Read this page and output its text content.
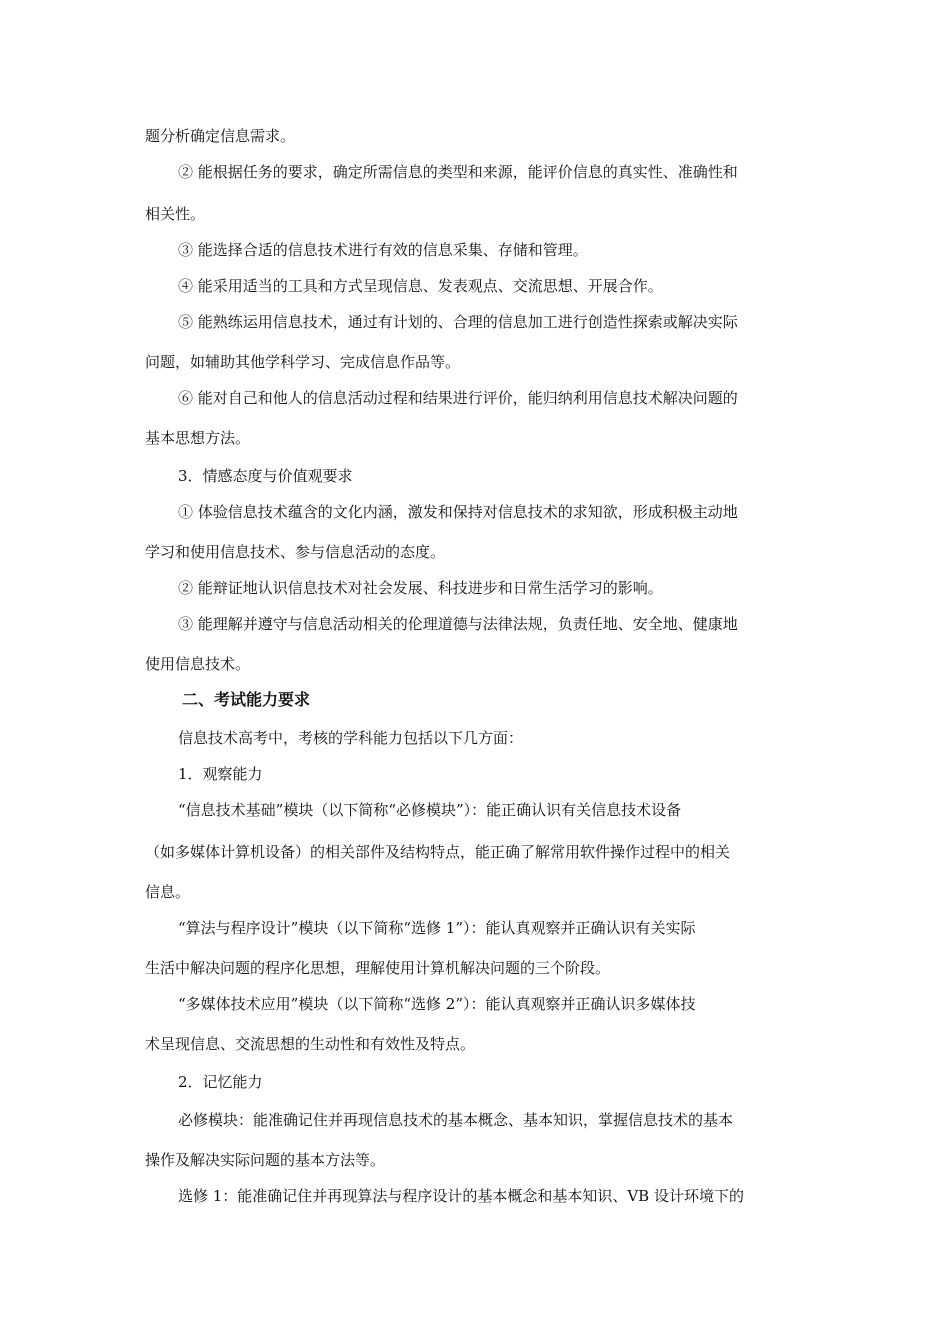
题分析确定信息需求。
② 能根据任务的要求，确定所需信息的类型和来源，能评价信息的真实性、准确性和
相关性。
③ 能选择合适的信息技术进行有效的信息采集、存储和管理。
④ 能采用适当的工具和方式呈现信息、发表观点、交流思想、开展合作。
⑤ 能熟练运用信息技术，通过有计划的、合理的信息加工进行创造性探索或解决实际
问题，如辅助其他学科学习、完成信息作品等。
⑥ 能对自己和他人的信息活动过程和结果进行评价，能归纳利用信息技术解决问题的
基本思想方法。
3．情感态度与价值观要求
① 体验信息技术蕴含的文化内涵，激发和保持对信息技术的求知欲，形成积极主动地
学习和使用信息技术、参与信息活动的态度。
② 能辩证地认识信息技术对社会发展、科技进步和日常生活学习的影响。
③ 能理解并遵守与信息活动相关的伦理道德与法律法规，负责任地、安全地、健康地
使用信息技术。
二、考试能力要求
信息技术高考中，考核的学科能力包括以下几方面：
1．观察能力
“信息技术基础”模块（以下简称“必修模块”）：能正确认识有关信息技术设备
（如多媒体计算机设备）的相关部件及结构特点，能正确了解常用软件操作过程中的相关
信息。
“算法与程序设计”模块（以下简称“选修 1”）：能认真观察并正确认识有关实际
生活中解决问题的程序化思想，理解使用计算机解决问题的三个阶段。
“多媒体技术应用”模块（以下简称“选修 2”）：能认真观察并正确认识多媒体技
术呈现信息、交流思想的生动性和有效性及特点。
2．记忆能力
必修模块：能准确记住并再现信息技术的基本概念、基本知识，掌握信息技术的基本
操作及解决实际问题的基本方法等。
选修 1：能准确记住并再现算法与程序设计的基本概念和基本知识、VB 设计环境下的
